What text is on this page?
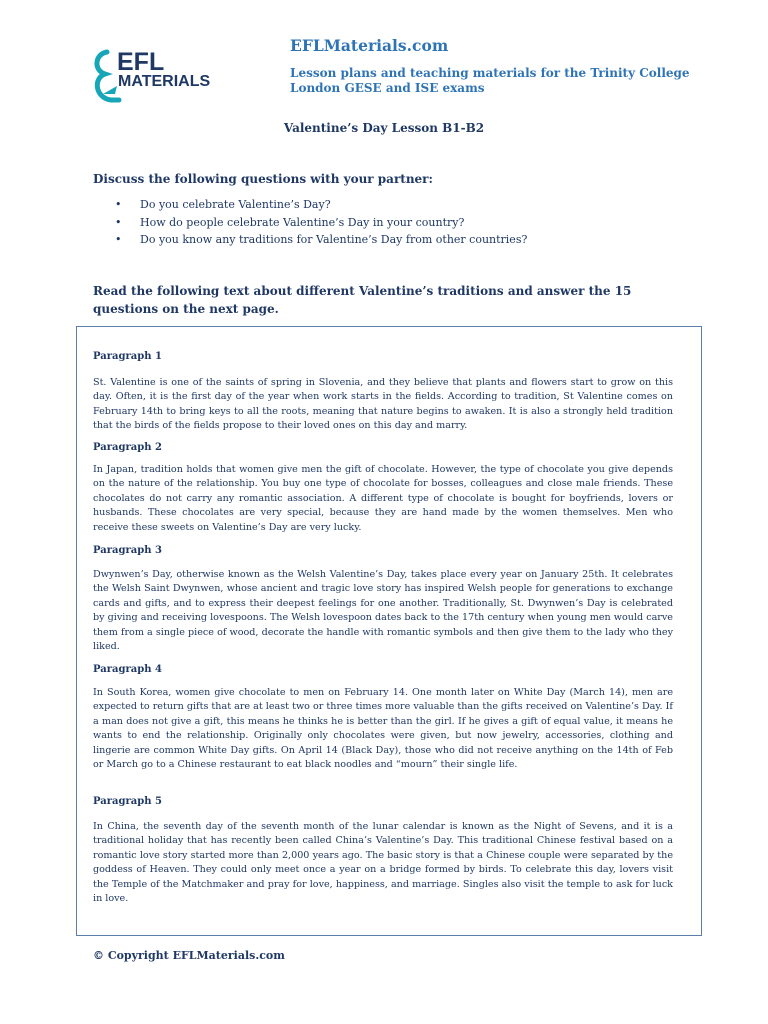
EFL
MATERIALS
EFLMaterials.com
Lesson plans and teaching materials for the Trinity College London GESE and ISE exams
Valentine’s Day Lesson B1-B2
Discuss the following questions with your partner:
• Do you celebrate Valentine’s Day?
• How do people celebrate Valentine’s Day in your country?
• Do you know any traditions for Valentine’s Day from other countries?
Read the following text about different Valentine’s traditions and answer the 15 questions on the next page.
Paragraph 1
St. Valentine is one of the saints of spring in Slovenia, and they believe that plants and flowers start to grow on this day. Often, it is the first day of the year when work starts in the fields. According to tradition, St Valentine comes on February 14th to bring keys to all the roots, meaning that nature begins to awaken. It is also a strongly held tradition that the birds of the fields propose to their loved ones on this day and marry.
Paragraph 2
In Japan, tradition holds that women give men the gift of chocolate. However, the type of chocolate you give depends on the nature of the relationship. You buy one type of chocolate for bosses, colleagues and close male friends. These chocolates do not carry any romantic association. A different type of chocolate is bought for boyfriends, lovers or husbands. These chocolates are very special, because they are hand made by the women themselves. Men who receive these sweets on Valentine’s Day are very lucky.
Paragraph 3
Dwynwen’s Day, otherwise known as the Welsh Valentine’s Day, takes place every year on January 25th. It celebrates the Welsh Saint Dwynwen, whose ancient and tragic love story has inspired Welsh people for generations to exchange cards and gifts, and to express their deepest feelings for one another. Traditionally, St. Dwynwen’s Day is celebrated by giving and receiving lovespoons. The Welsh lovespoon dates back to the 17th century when young men would carve them from a single piece of wood, decorate the handle with romantic symbols and then give them to the lady who they liked.
Paragraph 4
In South Korea, women give chocolate to men on February 14. One month later on White Day (March 14), men are expected to return gifts that are at least two or three times more valuable than the gifts received on Valentine’s Day. If a man does not give a gift, this means he thinks he is better than the girl. If he gives a gift of equal value, it means he wants to end the relationship. Originally only chocolates were given, but now jewelry, accessories, clothing and lingerie are common White Day gifts. On April 14 (Black Day), those who did not receive anything on the 14th of Feb or March go to a Chinese restaurant to eat black noodles and “mourn” their single life.
Paragraph 5
In China, the seventh day of the seventh month of the lunar calendar is known as the Night of Sevens, and it is a traditional holiday that has recently been called China’s Valentine’s Day. This traditional Chinese festival based on a romantic love story started more than 2,000 years ago. The basic story is that a Chinese couple were separated by the goddess of Heaven. They could only meet once a year on a bridge formed by birds. To celebrate this day, lovers visit the Temple of the Matchmaker and pray for love, happiness, and marriage. Singles also visit the temple to ask for luck in love.
© Copyright EFLMaterials.com
